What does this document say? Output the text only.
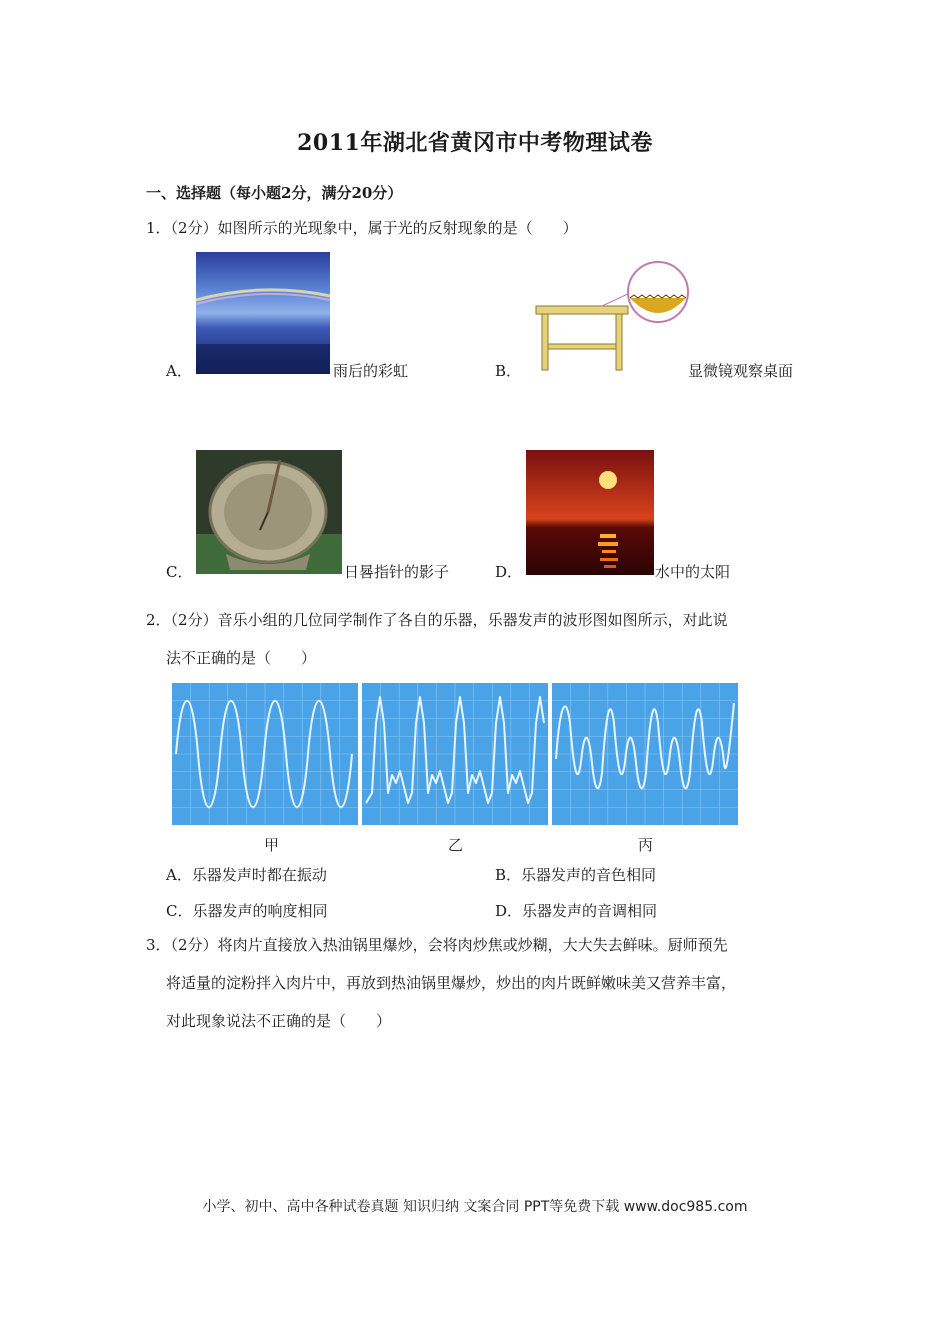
2011年湖北省黄冈市中考物理试卷
一、选择题（每小题2分，满分20分）
1．（2分）如图所示的光现象中，属于光的反射现象的是（　　）
A．	雨后的彩虹	B．	显微镜观察桌面
C．	日晷指针的影子	D．	水中的太阳
2．（2分）音乐小组的几位同学制作了各自的乐器，乐器发声的波形图如图所示，对此说
法不正确的是（　　）
甲	乙	丙
A．乐器发声时都在振动	B．乐器发声的音色相同
C．乐器发声的响度相同	D．乐器发声的音调相同
3．（2分）将肉片直接放入热油锅里爆炒，会将肉炒焦或炒糊，大大失去鲜味。厨师预先
将适量的淀粉拌入肉片中，再放到热油锅里爆炒，炒出的肉片既鲜嫩味美又营养丰富，
对此现象说法不正确的是（　　）
小学、初中、高中各种试卷真题 知识归纳 文案合同 PPT等免费下载 www.doc985.com
